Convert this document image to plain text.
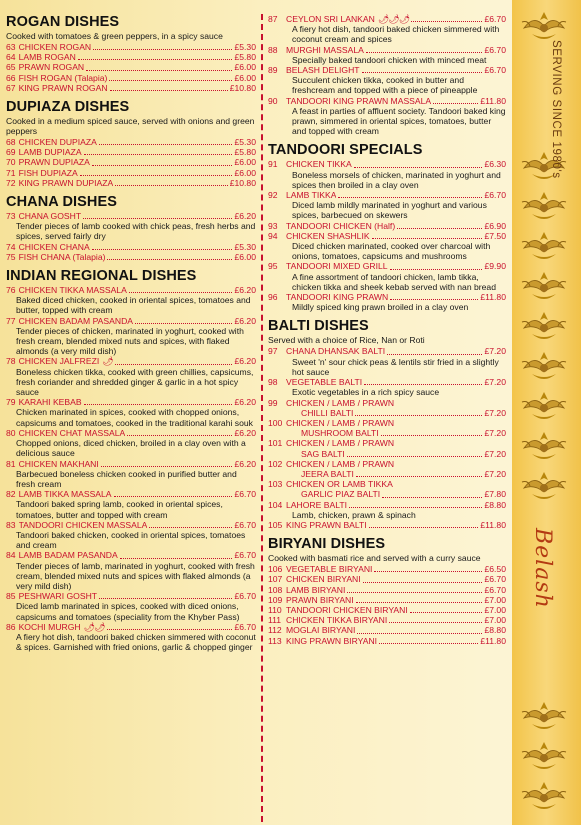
ROGAN DISHES
Cooked with tomatoes & green peppers, in a spicy sauce
63 CHICKEN ROGAN	£5.30
64 LAMB ROGAN	£5.80
65 PRAWN ROGAN	£6.00
66 FISH ROGAN (Talapia)	£6.00
67 KING PRAWN ROGAN	£10.80
DUPIAZA DISHES
Cooked in a medium spiced sauce, served with onions and green peppers
68 CHICKEN DUPIAZA	£5.30
69 LAMB DUPIAZA	£5.80
70 PRAWN DUPIAZA	£6.00
71 FISH DUPIAZA	£6.00
72 KING PRAWN DUPIAZA	£10.80
CHANA DISHES
73 CHANA GOSHT	£6.20
Tender pieces of lamb cooked with chick peas, fresh herbs and spices, served fairly dry
74 CHICKEN CHANA	£5.30
75 FISH CHANA (Talapia)	£6.00
INDIAN REGIONAL DISHES
76 CHICKEN TIKKA MASSALA	£6.20
Baked diced chicken, cooked in oriental spices, tomatoes and butter, topped with cream
77 CHICKEN BADAM PASANDA	£6.20
Tender pieces of chicken, marinated in yoghurt, cooked with fresh cream, blended mixed nuts and spices, with flaked almonds (a very mild dish)
78 CHICKEN JALFREZI 🌶	£6.20
Boneless chicken tikka, cooked with green chillies, capsicums, fresh coriander and shredded ginger & garlic in a hot spicy sauce
79 KARAHI KEBAB	£6.20
Chicken marinated in spices, cooked with chopped onions, capsicums and tomatoes, cooked in the traditional karahi souk
80 CHICKEN CHAT MASSALA	£6.20
Chopped onions, diced chicken, broiled in a clay oven with a delicious sauce
81 CHICKEN MAKHANI	£6.20
Barbecued boneless chicken cooked in purified butter and fresh cream
82 LAMB TIKKA MASSALA	£6.70
Tandoori baked spring lamb, cooked in oriental spices, tomatoes, butter and topped with cream
83 TANDOORI CHICKEN MASSALA	£6.70
Tandoori baked chicken, cooked in oriental spices, tomatoes and cream
84 LAMB BADAM PASANDA	£6.70
Tender pieces of lamb, marinated in yoghurt, cooked with fresh cream, blended mixed nuts and spices with flaked almonds (a very mild dish)
85 PESHWARI GOSHT	£6.70
Diced lamb marinated in spices, cooked with diced onions, capsicums and tomatoes (speciality from the Khyber Pass)
86 KOCHI MURGH 🌶🌶	£6.70
A fiery hot dish, tandoori baked chicken simmered with coconut & spices. Garnished with fried onions, garlic & chopped ginger
87 CEYLON SRI LANKAN 🌶🌶🌶	£6.70
A fiery hot dish, tandoori baked chicken simmered with coconut cream and spices
88 MURGHI MASSALA	£6.70
Specially baked tandoori chicken with minced meat
89 BELASH DELIGHT	£6.70
Succulent chicken tikka, cooked in butter and freshcream and topped with a piece of pineapple
90 TANDOORI KING PRAWN MASSALA	£11.80
A feast in parties of affluent society. Tandoori baked king prawn, simmered in oriental spices, tomatoes, butter and topped with cream
TANDOORI SPECIALS
91 CHICKEN TIKKA	£6.30
Boneless morsels of chicken, marinated in yoghurt and spices then broiled in a clay oven
92 LAMB TIKKA	£6.70
Diced lamb mildly marinated in yoghurt and various spices, barbecued on skewers
93 TANDOORI CHICKEN (Half)	£6.90
94 CHICKEN SHASHLIK	£7.50
Diced chicken marinated, cooked over charcoal with onions, tomatoes, capsicums and mushrooms
95 TANDOORI MIXED GRILL	£9.90
A fine assortment of tandoori chicken, lamb tikka, chicken tikka and sheek kebab served with nan bread
96 TANDOORI KING PRAWN	£11.80
Mildly spiced king prawn broiled in a clay oven
BALTI DISHES
Served with a choice of Rice, Nan or Roti
97 CHANA DHANSAK BALTI	£7.20
Sweet 'n' sour chick peas & lentils stir fried in a slightly hot sauce
98 VEGETABLE BALTI	£7.20
Exotic vegetables in a rich spicy sauce
99 CHICKEN / LAMB / PRAWN
CHILLI BALTI	£7.20
100 CHICKEN / LAMB / PRAWN
MUSHROOM BALTI	£7.20
101 CHICKEN / LAMB / PRAWN
SAG BALTI	£7.20
102 CHICKEN / LAMB / PRAWN
JEERA BALTI	£7.20
103 CHICKEN OR LAMB TIKKA
GARLIC PIAZ BALTI	£7.80
104 LAHORE BALTI	£8.80
Lamb, chicken, prawn & spinach
105 KING PRAWN BALTI	£11.80
BIRYANI DISHES
Cooked with basmati rice and served with a curry sauce
106 VEGETABLE BIRYANI	£6.50
107 CHICKEN BIRYANI	£6.70
108 LAMB BIRYANI	£6.70
109 PRAWN BIRYANI	£7.00
110 TANDOORI CHICKEN BIRYANI	£7.00
111 CHICKEN TIKKA BIRYANI	£7.00
112 MOGLAI BIRYANI	£8.80
113 KING PRAWN BIRYANI	£11.80
SERVING SINCE 1980's
Belash
